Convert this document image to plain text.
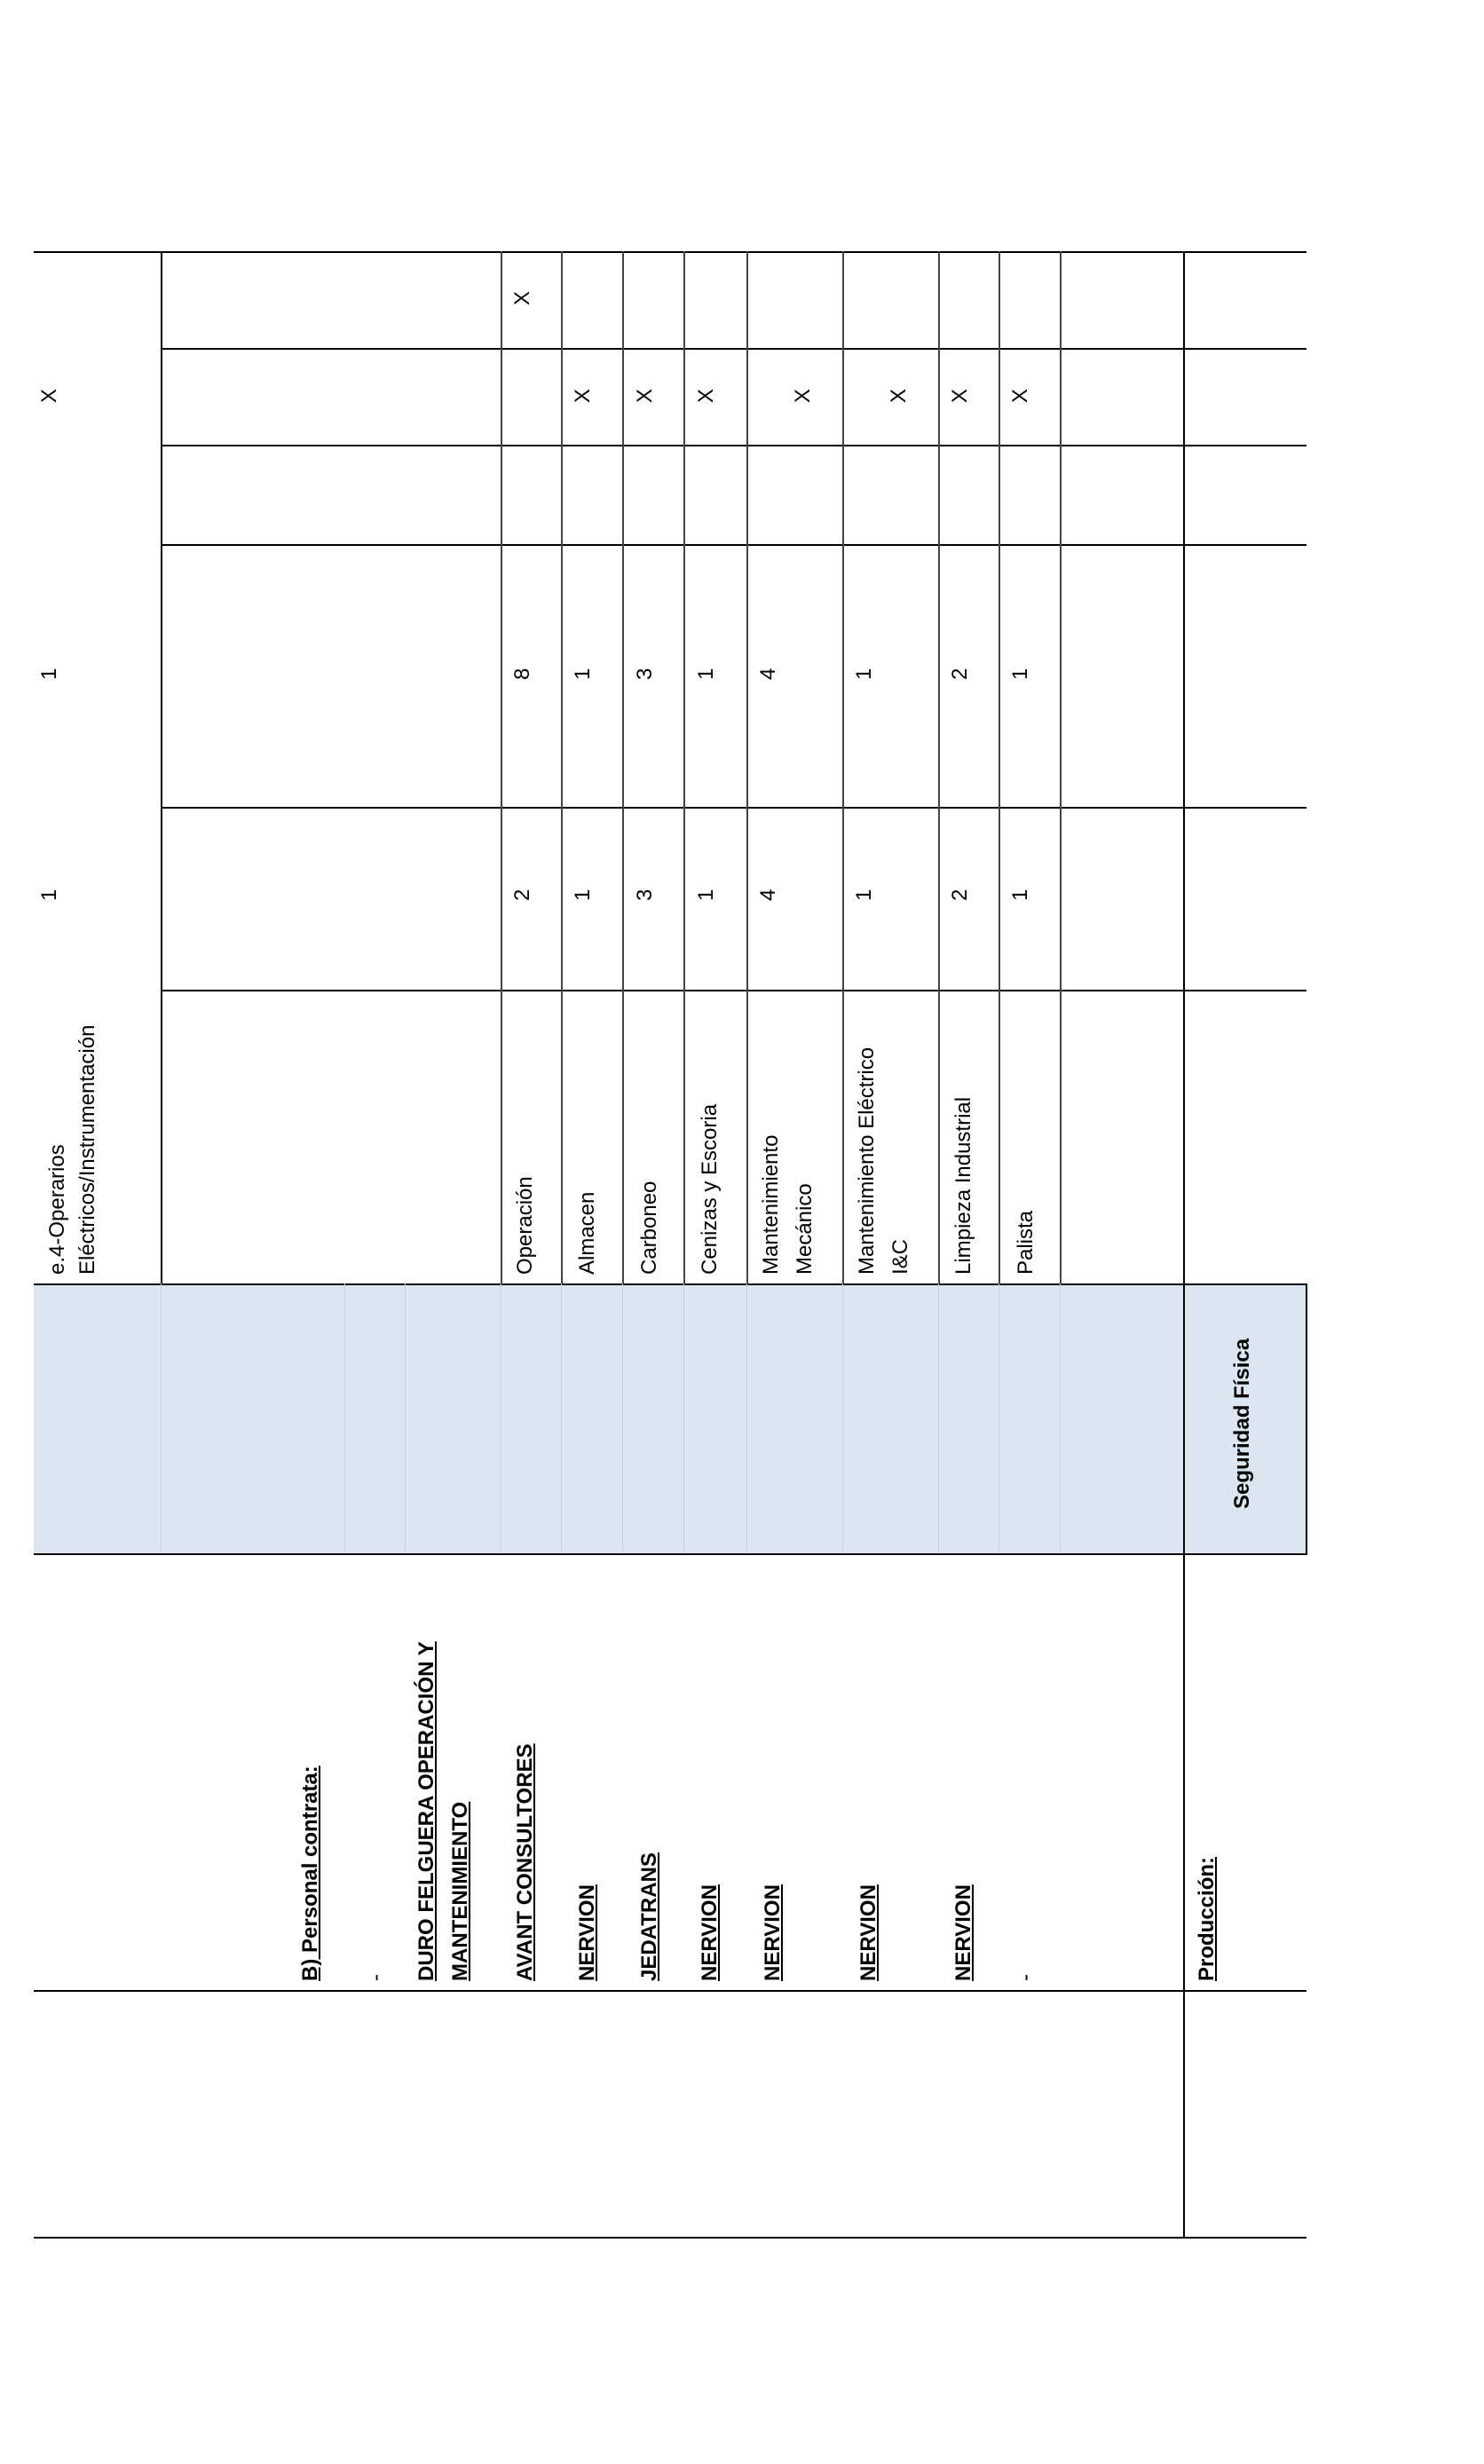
e.4-Operarios Eléctricos/Instrumentación
1
1
X
B) Personal contrata: - DURO FELGUERA OPERACIÓN Y MANTENIMIENTO AVANT CONSULTORES
Operación
2
8
X
NERVION
Almacen
1
1
X
JEDATRANS
Carboneo
3
3
X
NERVION
Cenizas y Escoria
1
1
X
NERVION
Mantenimiento Mecánico
4
4
X
NERVION
Mantenimiento Eléctrico I&C
1
1
X
NERVION
Limpieza Industrial
2
2
X
-
Palista
1
1
X
Producción:
Seguridad Física
